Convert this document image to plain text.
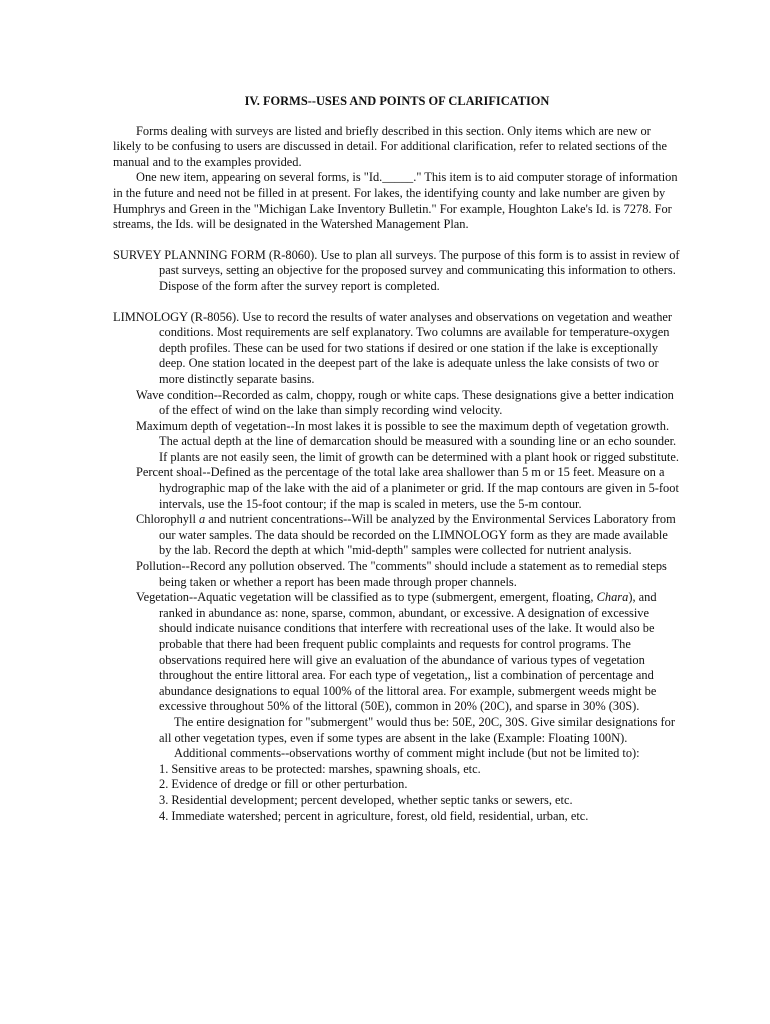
IV. FORMS--USES AND POINTS OF CLARIFICATION

Forms dealing with surveys are listed and briefly described in this section. Only items which are new or likely to be confusing to users are discussed in detail. For additional clarification, refer to related sections of the manual and to the examples provided.

One new item, appearing on several forms, is "Id._____." This item is to aid computer storage of information in the future and need not be filled in at present. For lakes, the identifying county and lake number are given by Humphrys and Green in the "Michigan Lake Inventory Bulletin." For example, Houghton Lake's Id. is 7278. For streams, the Ids. will be designated in the Watershed Management Plan.

SURVEY PLANNING FORM (R-8060). Use to plan all surveys. The purpose of this form is to assist in review of past surveys, setting an objective for the proposed survey and communicating this information to others. Dispose of the form after the survey report is completed.

LIMNOLOGY (R-8056). Use to record the results of water analyses and observations on vegetation and weather conditions. Most requirements are self explanatory. Two columns are available for temperature-oxygen depth profiles. These can be used for two stations if desired or one station if the lake is exceptionally deep. One station located in the deepest part of the lake is adequate unless the lake consists of two or more distinctly separate basins.

Wave condition--Recorded as calm, choppy, rough or white caps. These designations give a better indication of the effect of wind on the lake than simply recording wind velocity.

Maximum depth of vegetation--In most lakes it is possible to see the maximum depth of vegetation growth. The actual depth at the line of demarcation should be measured with a sounding line or an echo sounder. If plants are not easily seen, the limit of growth can be determined with a plant hook or rigged substitute.

Percent shoal--Defined as the percentage of the total lake area shallower than 5 m or 15 feet. Measure on a hydrographic map of the lake with the aid of a planimeter or grid. If the map contours are given in 5-foot intervals, use the 15-foot contour; if the map is scaled in meters, use the 5-m contour.

Chlorophyll a and nutrient concentrations--Will be analyzed by the Environmental Services Laboratory from our water samples. The data should be recorded on the LIMNOLOGY form as they are made available by the lab. Record the depth at which "mid-depth" samples were collected for nutrient analysis.

Pollution--Record any pollution observed. The "comments" should include a statement as to remedial steps being taken or whether a report has been made through proper channels.

Vegetation--Aquatic vegetation will be classified as to type (submergent, emergent, floating, Chara), and ranked in abundance as: none, sparse, common, abundant, or excessive. A designation of excessive should indicate nuisance conditions that interfere with recreational uses of the lake. It would also be probable that there had been frequent public complaints and requests for control programs. The observations required here will give an evaluation of the abundance of various types of vegetation throughout the entire littoral area. For each type of vegetation,, list a combination of percentage and abundance designations to equal 100% of the littoral area. For example, submergent weeds might be excessive throughout 50% of the littoral (50E), common in 20% (20C), and sparse in 30% (30S).

The entire designation for "submergent" would thus be: 50E, 20C, 30S. Give similar designations for all other vegetation types, even if some types are absent in the lake (Example: Floating 100N).

Additional comments--observations worthy of comment might include (but not be limited to):

1. Sensitive areas to be protected: marshes, spawning shoals, etc.

2. Evidence of dredge or fill or other perturbation.

3. Residential development; percent developed, whether septic tanks or sewers, etc.

4. Immediate watershed; percent in agriculture, forest, old field, residential, urban, etc.
